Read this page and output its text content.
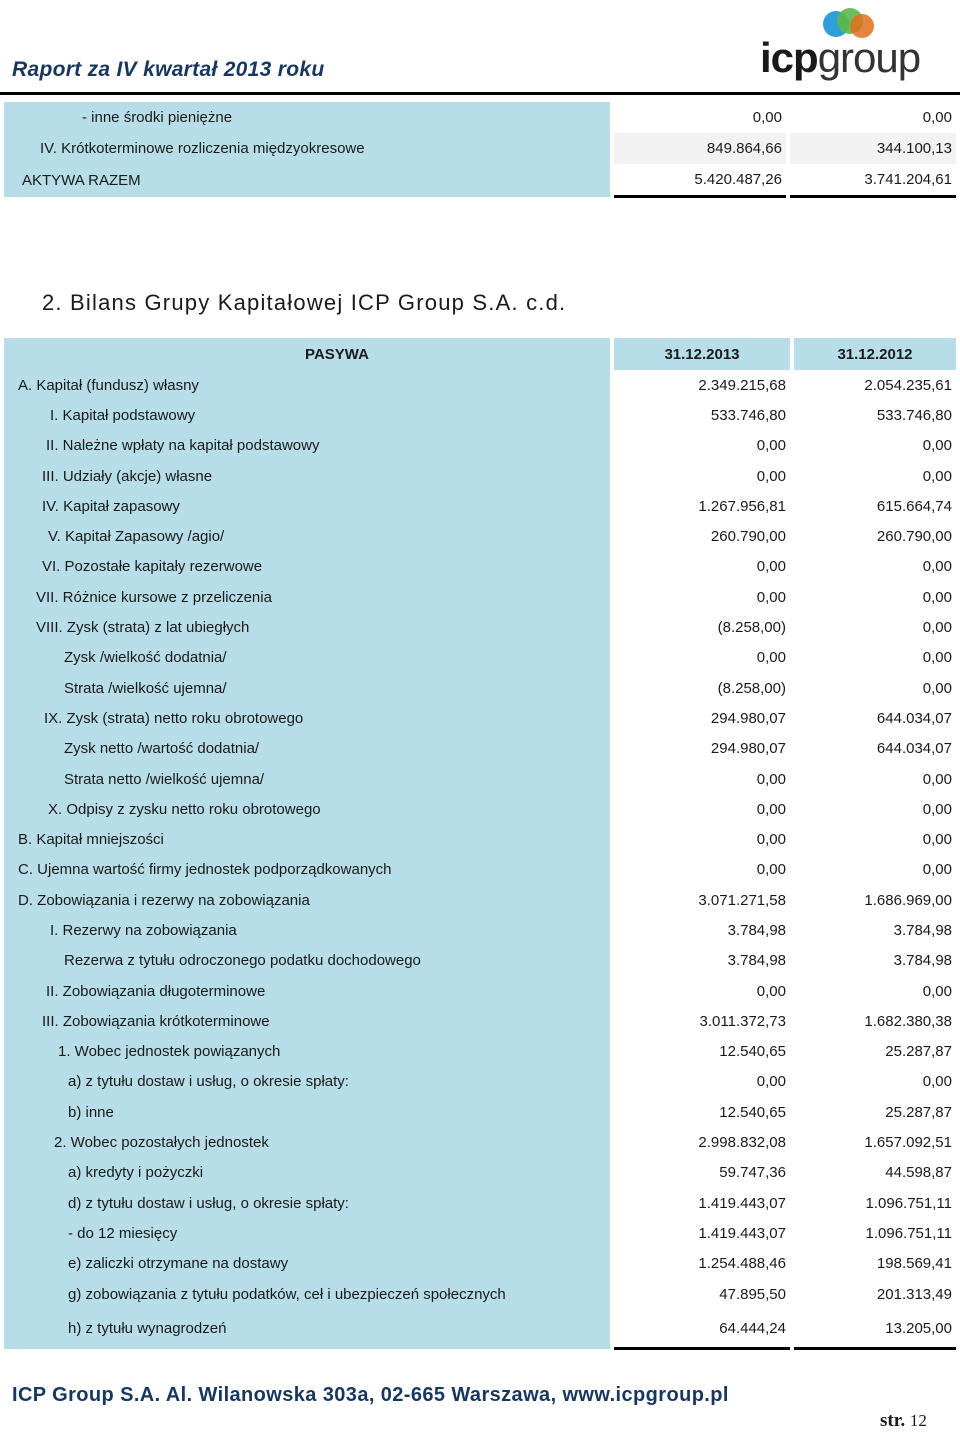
Raport za IV kwartał 2013 roku	icpgroup
- inne środki pieniężne		0,00		0,00
IV. Krótkoterminowe rozliczenia międzyokresowe		849.864,66		344.100,13
AKTYWA RAZEM		5.420.487,26		3.741.204,61
2. Bilans Grupy Kapitałowej ICP Group S.A. c.d.
PASYWA		31.12.2013		31.12.2012
A. Kapitał (fundusz) własny		2.349.215,68		2.054.235,61
I. Kapitał podstawowy		533.746,80		533.746,80
II. Należne wpłaty na kapitał podstawowy		0,00		0,00
III. Udziały (akcje) własne		0,00		0,00
IV. Kapitał zapasowy		1.267.956,81		615.664,74
V. Kapitał Zapasowy /agio/		260.790,00		260.790,00
VI. Pozostałe kapitały rezerwowe		0,00		0,00
VII. Różnice kursowe z przeliczenia		0,00		0,00
VIII. Zysk (strata) z lat ubiegłych		(8.258,00)		0,00
Zysk /wielkość dodatnia/		0,00		0,00
Strata /wielkość ujemna/		(8.258,00)		0,00
IX. Zysk (strata) netto roku obrotowego		294.980,07		644.034,07
Zysk netto /wartość dodatnia/		294.980,07		644.034,07
Strata netto /wielkość ujemna/		0,00		0,00
X. Odpisy z zysku netto roku obrotowego		0,00		0,00
B. Kapitał mniejszości		0,00		0,00
C. Ujemna wartość firmy jednostek podporządkowanych		0,00		0,00
D. Zobowiązania i rezerwy na zobowiązania		3.071.271,58		1.686.969,00
I. Rezerwy na zobowiązania		3.784,98		3.784,98
Rezerwa z tytułu odroczonego podatku dochodowego		3.784,98		3.784,98
II. Zobowiązania długoterminowe		0,00		0,00
III. Zobowiązania krótkoterminowe		3.011.372,73		1.682.380,38
1. Wobec jednostek powiązanych		12.540,65		25.287,87
a) z tytułu dostaw i usług, o okresie spłaty:		0,00		0,00
b) inne		12.540,65		25.287,87
2. Wobec pozostałych jednostek		2.998.832,08		1.657.092,51
a) kredyty i pożyczki		59.747,36		44.598,87
d) z tytułu dostaw i usług, o okresie spłaty:		1.419.443,07		1.096.751,11
- do 12 miesięcy		1.419.443,07		1.096.751,11
e) zaliczki otrzymane na dostawy		1.254.488,46		198.569,41
g) zobowiązania z tytułu podatków, ceł i ubezpieczeń społecznych		47.895,50		201.313,49
h) z tytułu wynagrodzeń		64.444,24		13.205,00
ICP Group S.A. Al. Wilanowska 303a, 02-665 Warszawa, www.icpgroup.pl
str. 12
